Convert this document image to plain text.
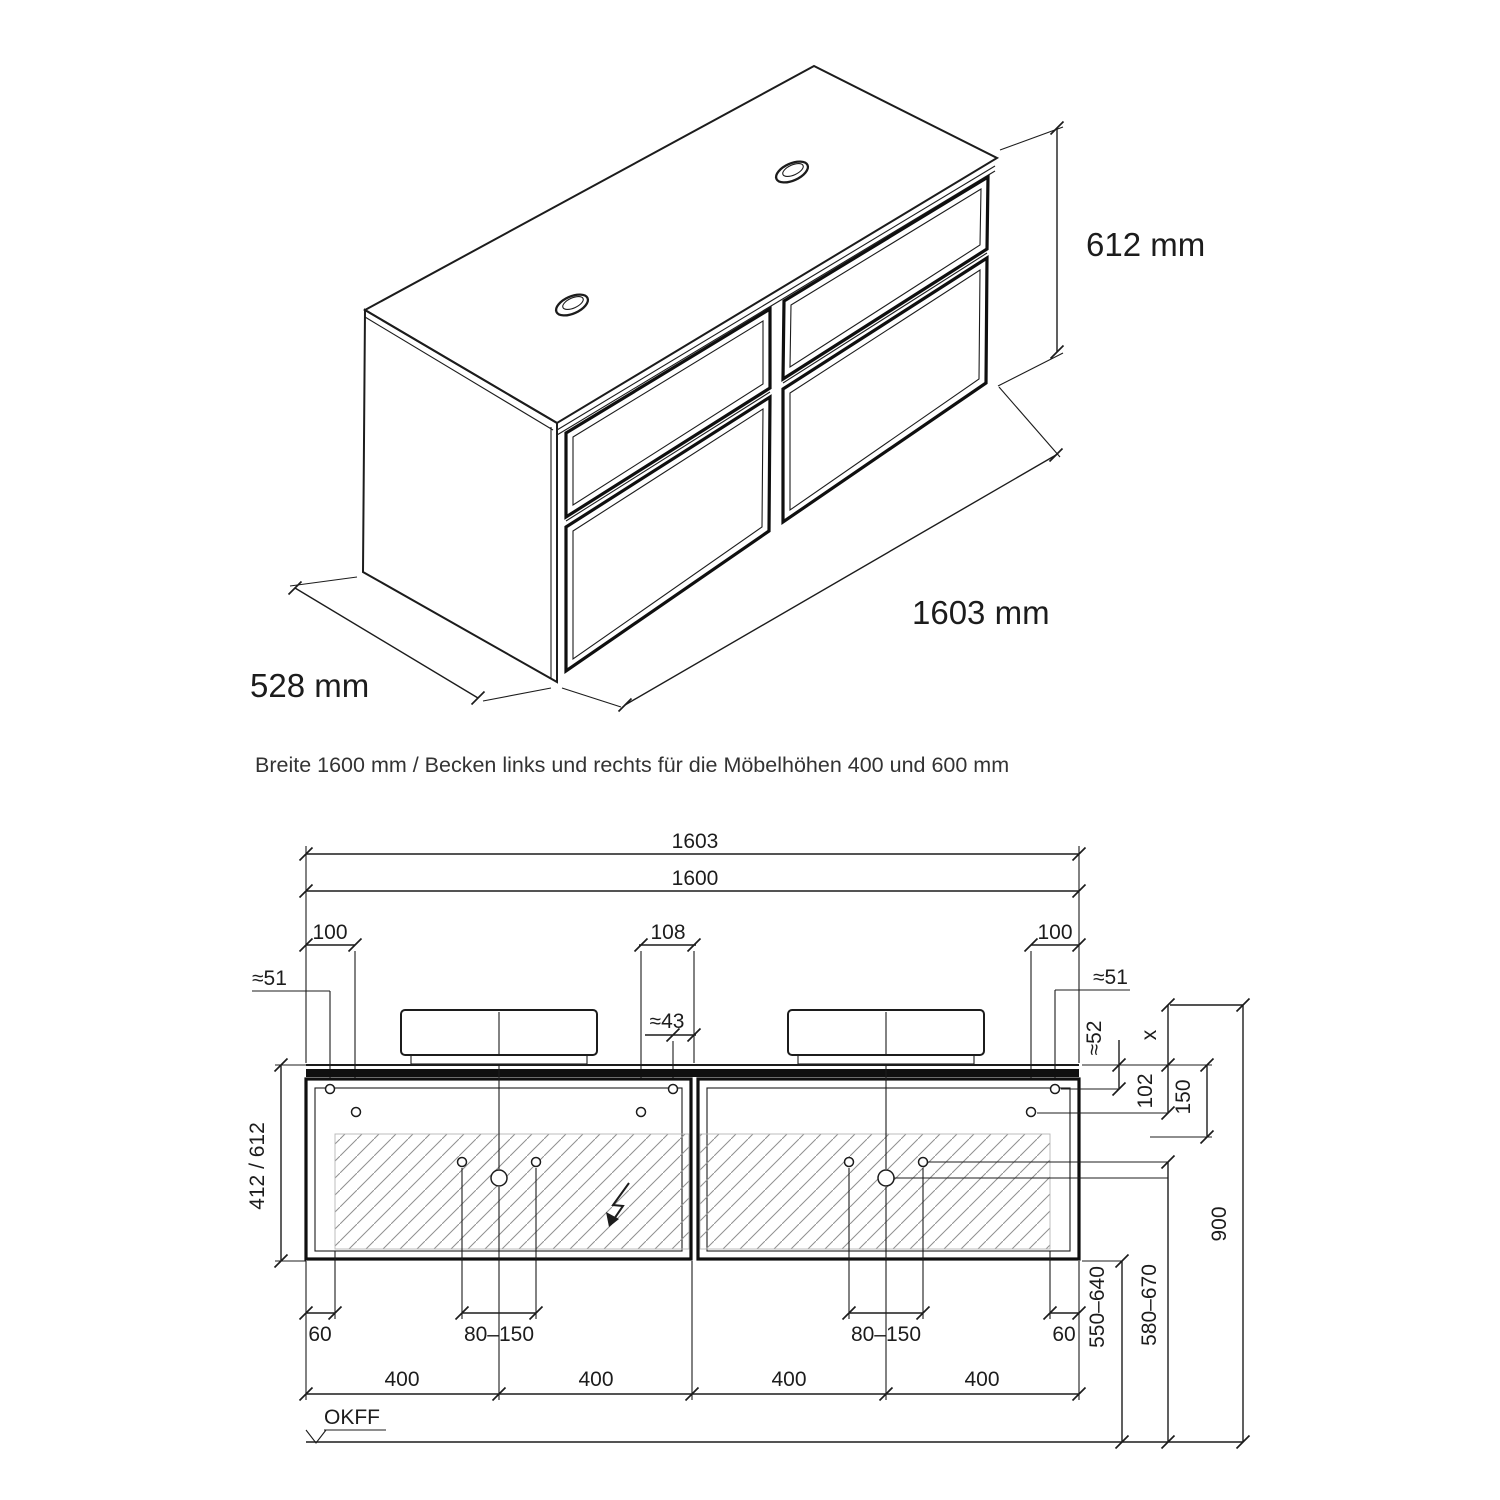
612 mm
1603 mm
528 mm
Breite 1600 mm / Becken links und rechts für die Möbelhöhen 400 und 600 mm
1603
1600
100	108	100
≈51	≈51
≈43
412 / 612
≈52 x
102 150
580–670
550–640
900
60	80–150	80–150	60
400	400	400	400
OKFF
